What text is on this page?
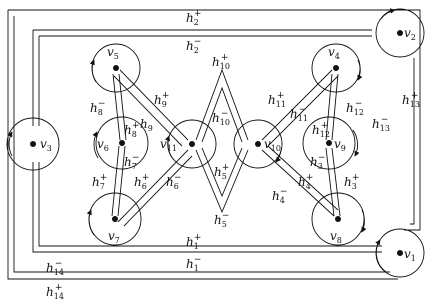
$v_5$
$v_6$
$v_7$
$v_{11}$	$v_{10}$
$v_4$
$v_9$
$v_8$
$v_3$
$v_2$
$v_1$
$h_2+$
$h_2-$
$h_1+$
$h_1-$
$h_{14}-$
$h_{14}+$
$h_{13}+$
$h_{13}-$
$h_{10}+$
$h_{10}-$
$h_5+$
$h_5-$
$h_9+$
$h_9$
$h_8-$
$h_8+$
$h_7-$
$h_7+ h_6+ h_6-$
$h_{11}+$
$h_{11}-$	$h_{12}-$
$h_{12}+$
$h_3-$
$h_3+$
$h_4+$
$h_4-$
